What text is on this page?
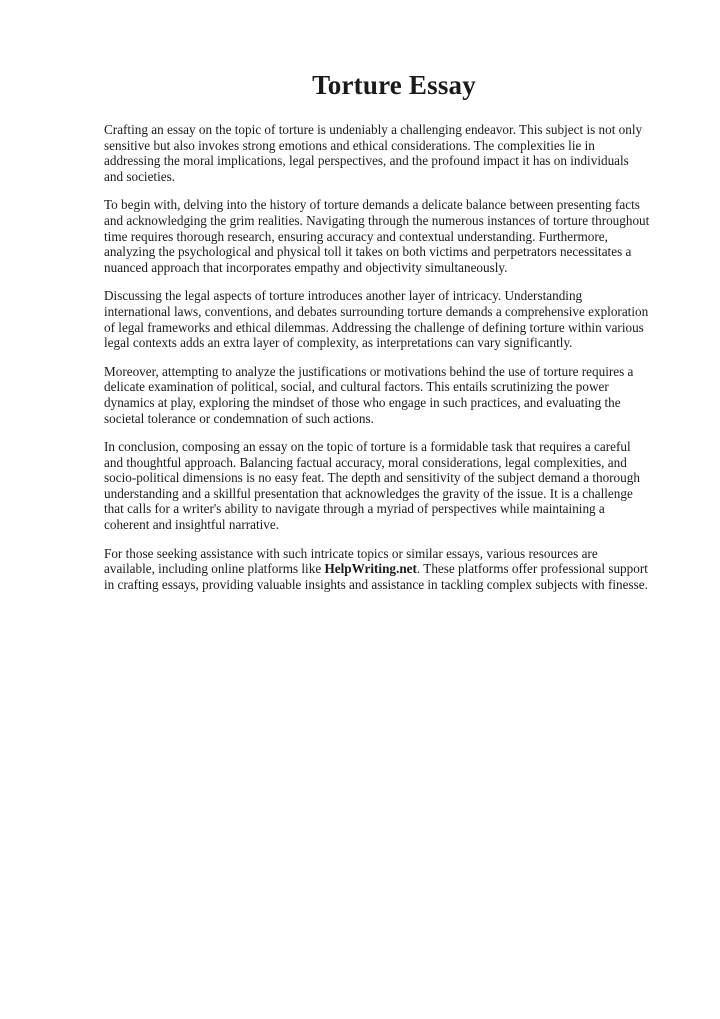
Torture Essay

Crafting an essay on the topic of torture is undeniably a challenging endeavor. This subject is not only sensitive but also invokes strong emotions and ethical considerations. The complexities lie in addressing the moral implications, legal perspectives, and the profound impact it has on individuals and societies.

To begin with, delving into the history of torture demands a delicate balance between presenting facts and acknowledging the grim realities. Navigating through the numerous instances of torture throughout time requires thorough research, ensuring accuracy and contextual understanding. Furthermore, analyzing the psychological and physical toll it takes on both victims and perpetrators necessitates a nuanced approach that incorporates empathy and objectivity simultaneously.

Discussing the legal aspects of torture introduces another layer of intricacy. Understanding international laws, conventions, and debates surrounding torture demands a comprehensive exploration of legal frameworks and ethical dilemmas. Addressing the challenge of defining torture within various legal contexts adds an extra layer of complexity, as interpretations can vary significantly.

Moreover, attempting to analyze the justifications or motivations behind the use of torture requires a delicate examination of political, social, and cultural factors. This entails scrutinizing the power dynamics at play, exploring the mindset of those who engage in such practices, and evaluating the societal tolerance or condemnation of such actions.

In conclusion, composing an essay on the topic of torture is a formidable task that requires a careful and thoughtful approach. Balancing factual accuracy, moral considerations, legal complexities, and socio-political dimensions is no easy feat. The depth and sensitivity of the subject demand a thorough understanding and a skillful presentation that acknowledges the gravity of the issue. It is a challenge that calls for a writer's ability to navigate through a myriad of perspectives while maintaining a coherent and insightful narrative.

For those seeking assistance with such intricate topics or similar essays, various resources are available, including online platforms like HelpWriting.net. These platforms offer professional support in crafting essays, providing valuable insights and assistance in tackling complex subjects with finesse.
